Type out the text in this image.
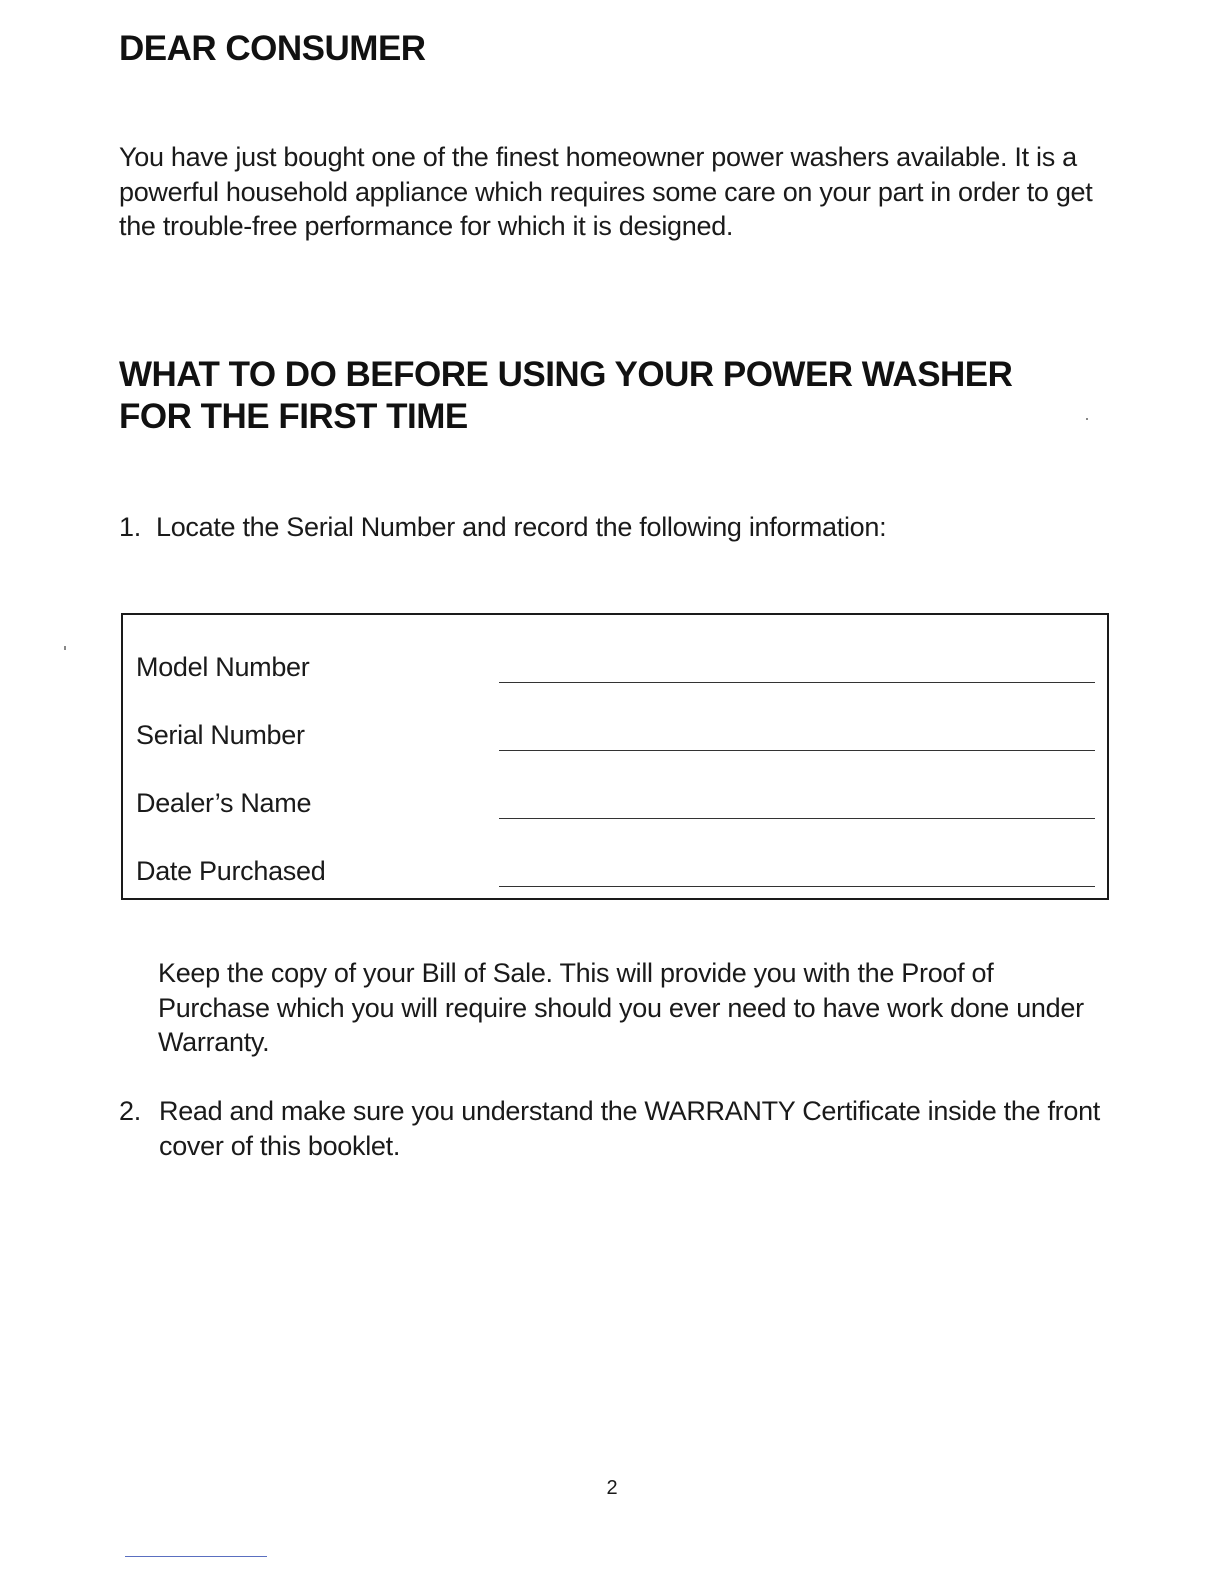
DEAR CONSUMER

You have just bought one of the finest homeowner power washers available. It is a powerful household appliance which requires some care on your part in order to get the trouble-free performance for which it is designed.

WHAT TO DO BEFORE USING YOUR POWER WASHER
FOR THE FIRST TIME

1. Locate the Serial Number and record the following information:

Model Number
Serial Number
Dealer’s Name
Date Purchased

Keep the copy of your Bill of Sale. This will provide you with the Proof of Purchase which you will require should you ever need to have work done under Warranty.

2. Read and make sure you understand the WARRANTY Certificate inside the front cover of this booklet.

2
